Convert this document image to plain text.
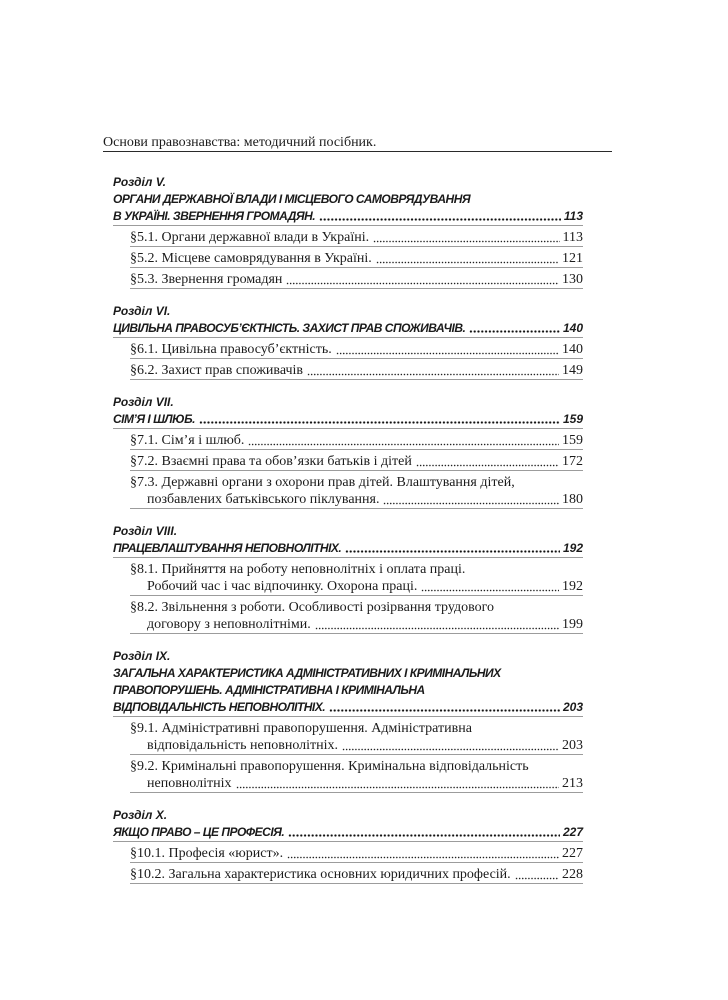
Основи правознавства: методичний посібник.
Розділ V.
ОРГАНИ ДЕРЖАВНОЇ ВЛАДИ І МІСЦЕВОГО САМОВРЯДУВАННЯ
В УКРАЇНІ. ЗВЕРНЕННЯ ГРОМАДЯН.	113
§5.1. Органи державної влади в Україні.	113
§5.2. Місцеве самоврядування в Україні.	121
§5.3. Звернення громадян	130
Розділ VI.
ЦИВІЛЬНА ПРАВОСУБ’ЄКТНІСТЬ. ЗАХИСТ ПРАВ СПОЖИВАЧІВ.	140
§6.1. Цивільна правосуб’єктність.	140
§6.2. Захист прав споживачів	149
Розділ VII.
СІМ’Я І ШЛЮБ.	159
§7.1. Сім’я і шлюб.	159
§7.2. Взаємні права та обов’язки батьків і дітей	172
§7.3. Державні органи з охорони прав дітей. Влаштування дітей,
позбавлених батьківського піклування.	180
Розділ VIII.
ПРАЦЕВЛАШТУВАННЯ НЕПОВНОЛІТНІХ.	192
§8.1. Прийняття на роботу неповнолітніх і оплата праці.
Робочий час і час відпочинку. Охорона праці.	192
§8.2. Звільнення з роботи. Особливості розірвання трудового
договору з неповнолітніми.	199
Розділ IX.
ЗАГАЛЬНА ХАРАКТЕРИСТИКА АДМІНІСТРАТИВНИХ І КРИМІНАЛЬНИХ
ПРАВОПОРУШЕНЬ. АДМІНІСТРАТИВНА І КРИМІНАЛЬНА
ВІДПОВІДАЛЬНІСТЬ НЕПОВНОЛІТНІХ.	203
§9.1. Адміністративні правопорушення. Адміністративна
відповідальність неповнолітніх.	203
§9.2. Кримінальні правопорушення. Кримінальна відповідальність
неповнолітніх	213
Розділ X.
ЯКЩО ПРАВО – ЦЕ ПРОФЕСІЯ.	227
§10.1. Професія «юрист».	227
§10.2. Загальна характеристика основних юридичних професій.	228
